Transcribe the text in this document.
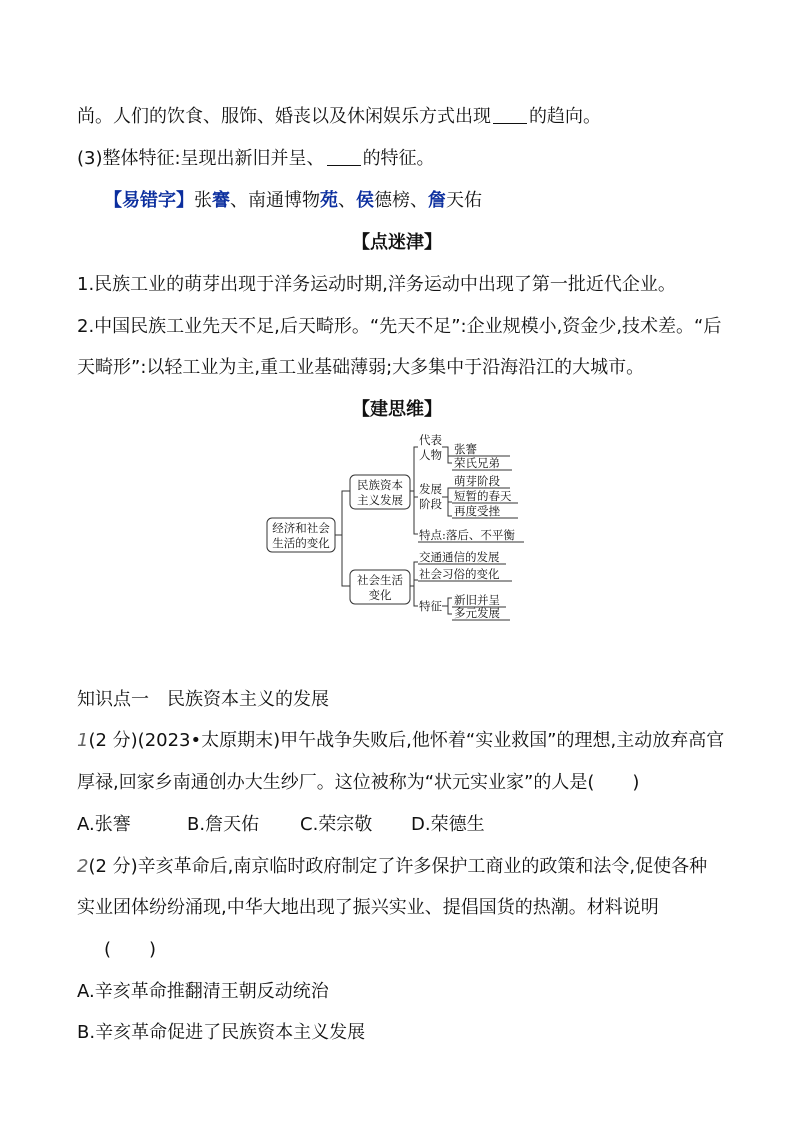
尚。人们的饮食、服饰、婚丧以及休闲娱乐方式出现 的趋向。
(3)整体特征:呈现出新旧并呈、 的特征。
【易错字】张謇、南通博物苑、侯德榜、詹天佑
【点迷津】
1.民族工业的萌芽出现于洋务运动时期,洋务运动中出现了第一批近代企业。
2.中国民族工业先天不足,后天畸形。“先天不足”:企业规模小,资金少,技术差。“后
天畸形”:以轻工业为主,重工业基础薄弱;大多集中于沿海沿江的大城市。
【建思维】
经济和社会
生活的变化
民族资本
主义发展
社会生活
变化
代表
人物 张謇
荣氏兄弟
发展
阶段
萌芽阶段
短暂的春天
再度受挫
特点:落后、不平衡
交通通信的发展
社会习俗的变化
特征 新旧并呈
多元发展
知识点一　民族资本主义的发展
1(2 分)(2023•太原期末)甲午战争失败后,他怀着“实业救国”的理想,主动放弃高官
厚禄,回家乡南通创办大生纱厂。这位被称为“状元实业家”的人是(
)
A.张謇	B.詹天佑 C.荣宗敬 D.荣德生
2(2 分)辛亥革命后,南京临时政府制定了许多保护工商业的政策和法令,促使各种
实业团体纷纷涌现,中华大地出现了振兴实业、提倡国货的热潮。材料说明
(
)
A.辛亥革命推翻清王朝反动统治
B.辛亥革命促进了民族资本主义发展
